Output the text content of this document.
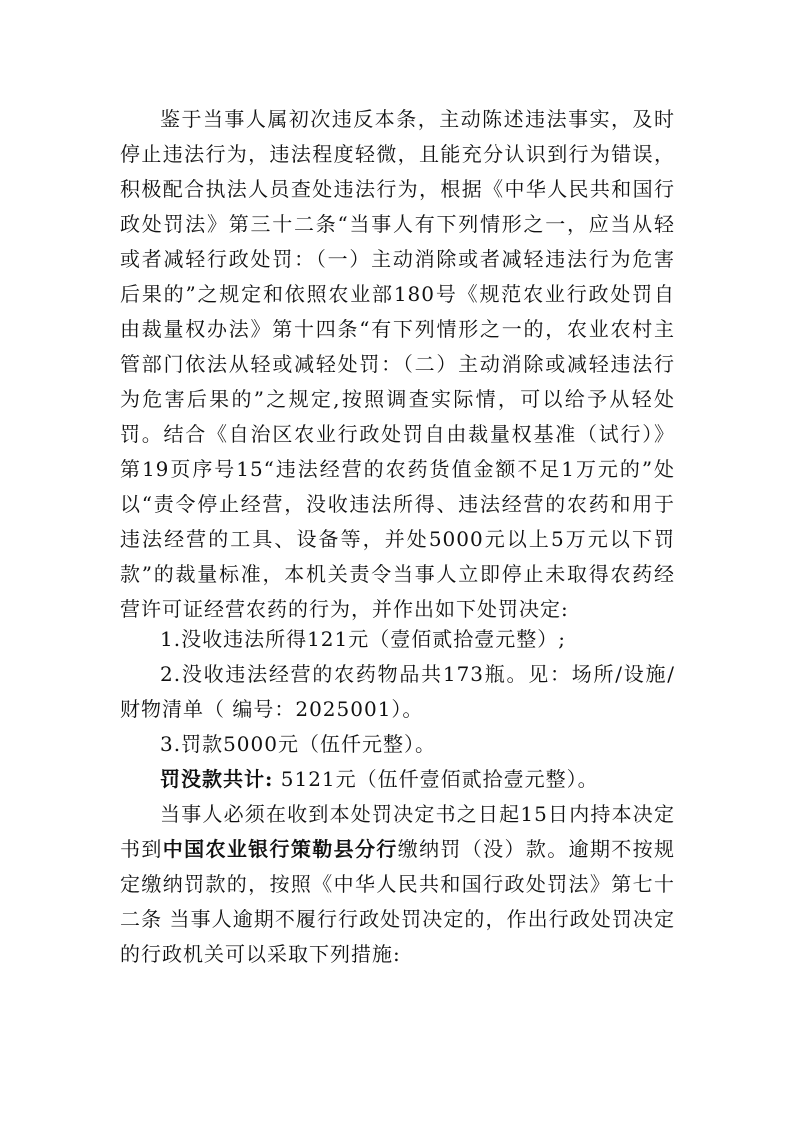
鉴于当事人属初次违反本条，主动陈述违法事实，及时停止违法行为，违法程度轻微，且能充分认识到行为错误，积极配合执法人员查处违法行为，根据《中华人民共和国行政处罚法》第三十二条“当事人有下列情形之一，应当从轻或者减轻行政处罚：（一）主动消除或者减轻违法行为危害后果的”之规定和依照农业部180号《规范农业行政处罚自由裁量权办法》第十四条“有下列情形之一的，农业农村主管部门依法从轻或减轻处罚：（二）主动消除或减轻违法行为危害后果的”之规定,按照调查实际情，可以给予从轻处罚。结合《自治区农业行政处罚自由裁量权基准（试行）》第19页序号15“违法经营的农药货值金额不足1万元的”处以“责令停止经营，没收违法所得、违法经营的农药和用于违法经营的工具、设备等，并处5000元以上5万元以下罚款”的裁量标准，本机关责令当事人立即停止未取得农药经营许可证经营农药的行为，并作出如下处罚决定:

1.没收违法所得121元（壹佰贰拾壹元整）;

2.没收违法经营的农药物品共173瓶。见：场所/设施/财物清单（ 编号：2025001）。

3.罚款5000元（伍仟元整）。

罚没款共计: 5121元（伍仟壹佰贰拾壹元整）。

当事人必须在收到本处罚决定书之日起15日内持本决定书到中国农业银行策勒县分行缴纳罚（没）款。逾期不按规定缴纳罚款的，按照《中华人民共和国行政处罚法》第七十二条 当事人逾期不履行行政处罚决定的，作出行政处罚决定的行政机关可以采取下列措施:
